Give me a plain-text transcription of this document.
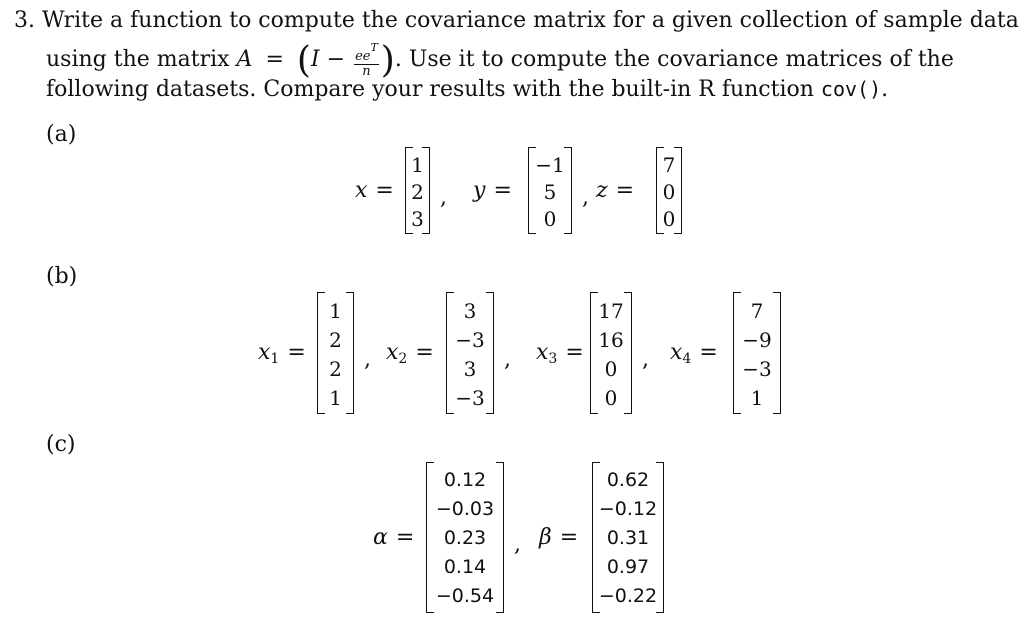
3. Write a function to compute the covariance matrix for a given collection of sample data
using the matrix $A = (I - \frac{ee^T}{n}$ ). Use it to compute the covariance matrices of the
following datasets. Compare your results with the built-in R function cov().
(a)
(b)
(c)
x =
1
2
3
, y =
−1
5
0
, z =
7
0
0
$x_1$ =
1
2
2
1
, $x_2$ =
3
−3
3
−3
, $x_3$ =
17
16
0
0
, $x_4$ =
7
−9
−3
1
α =
0.12
−0.03
0.23
0.14
−0.54
, β =
0.62
−0.12
0.31
0.97
−0.22
